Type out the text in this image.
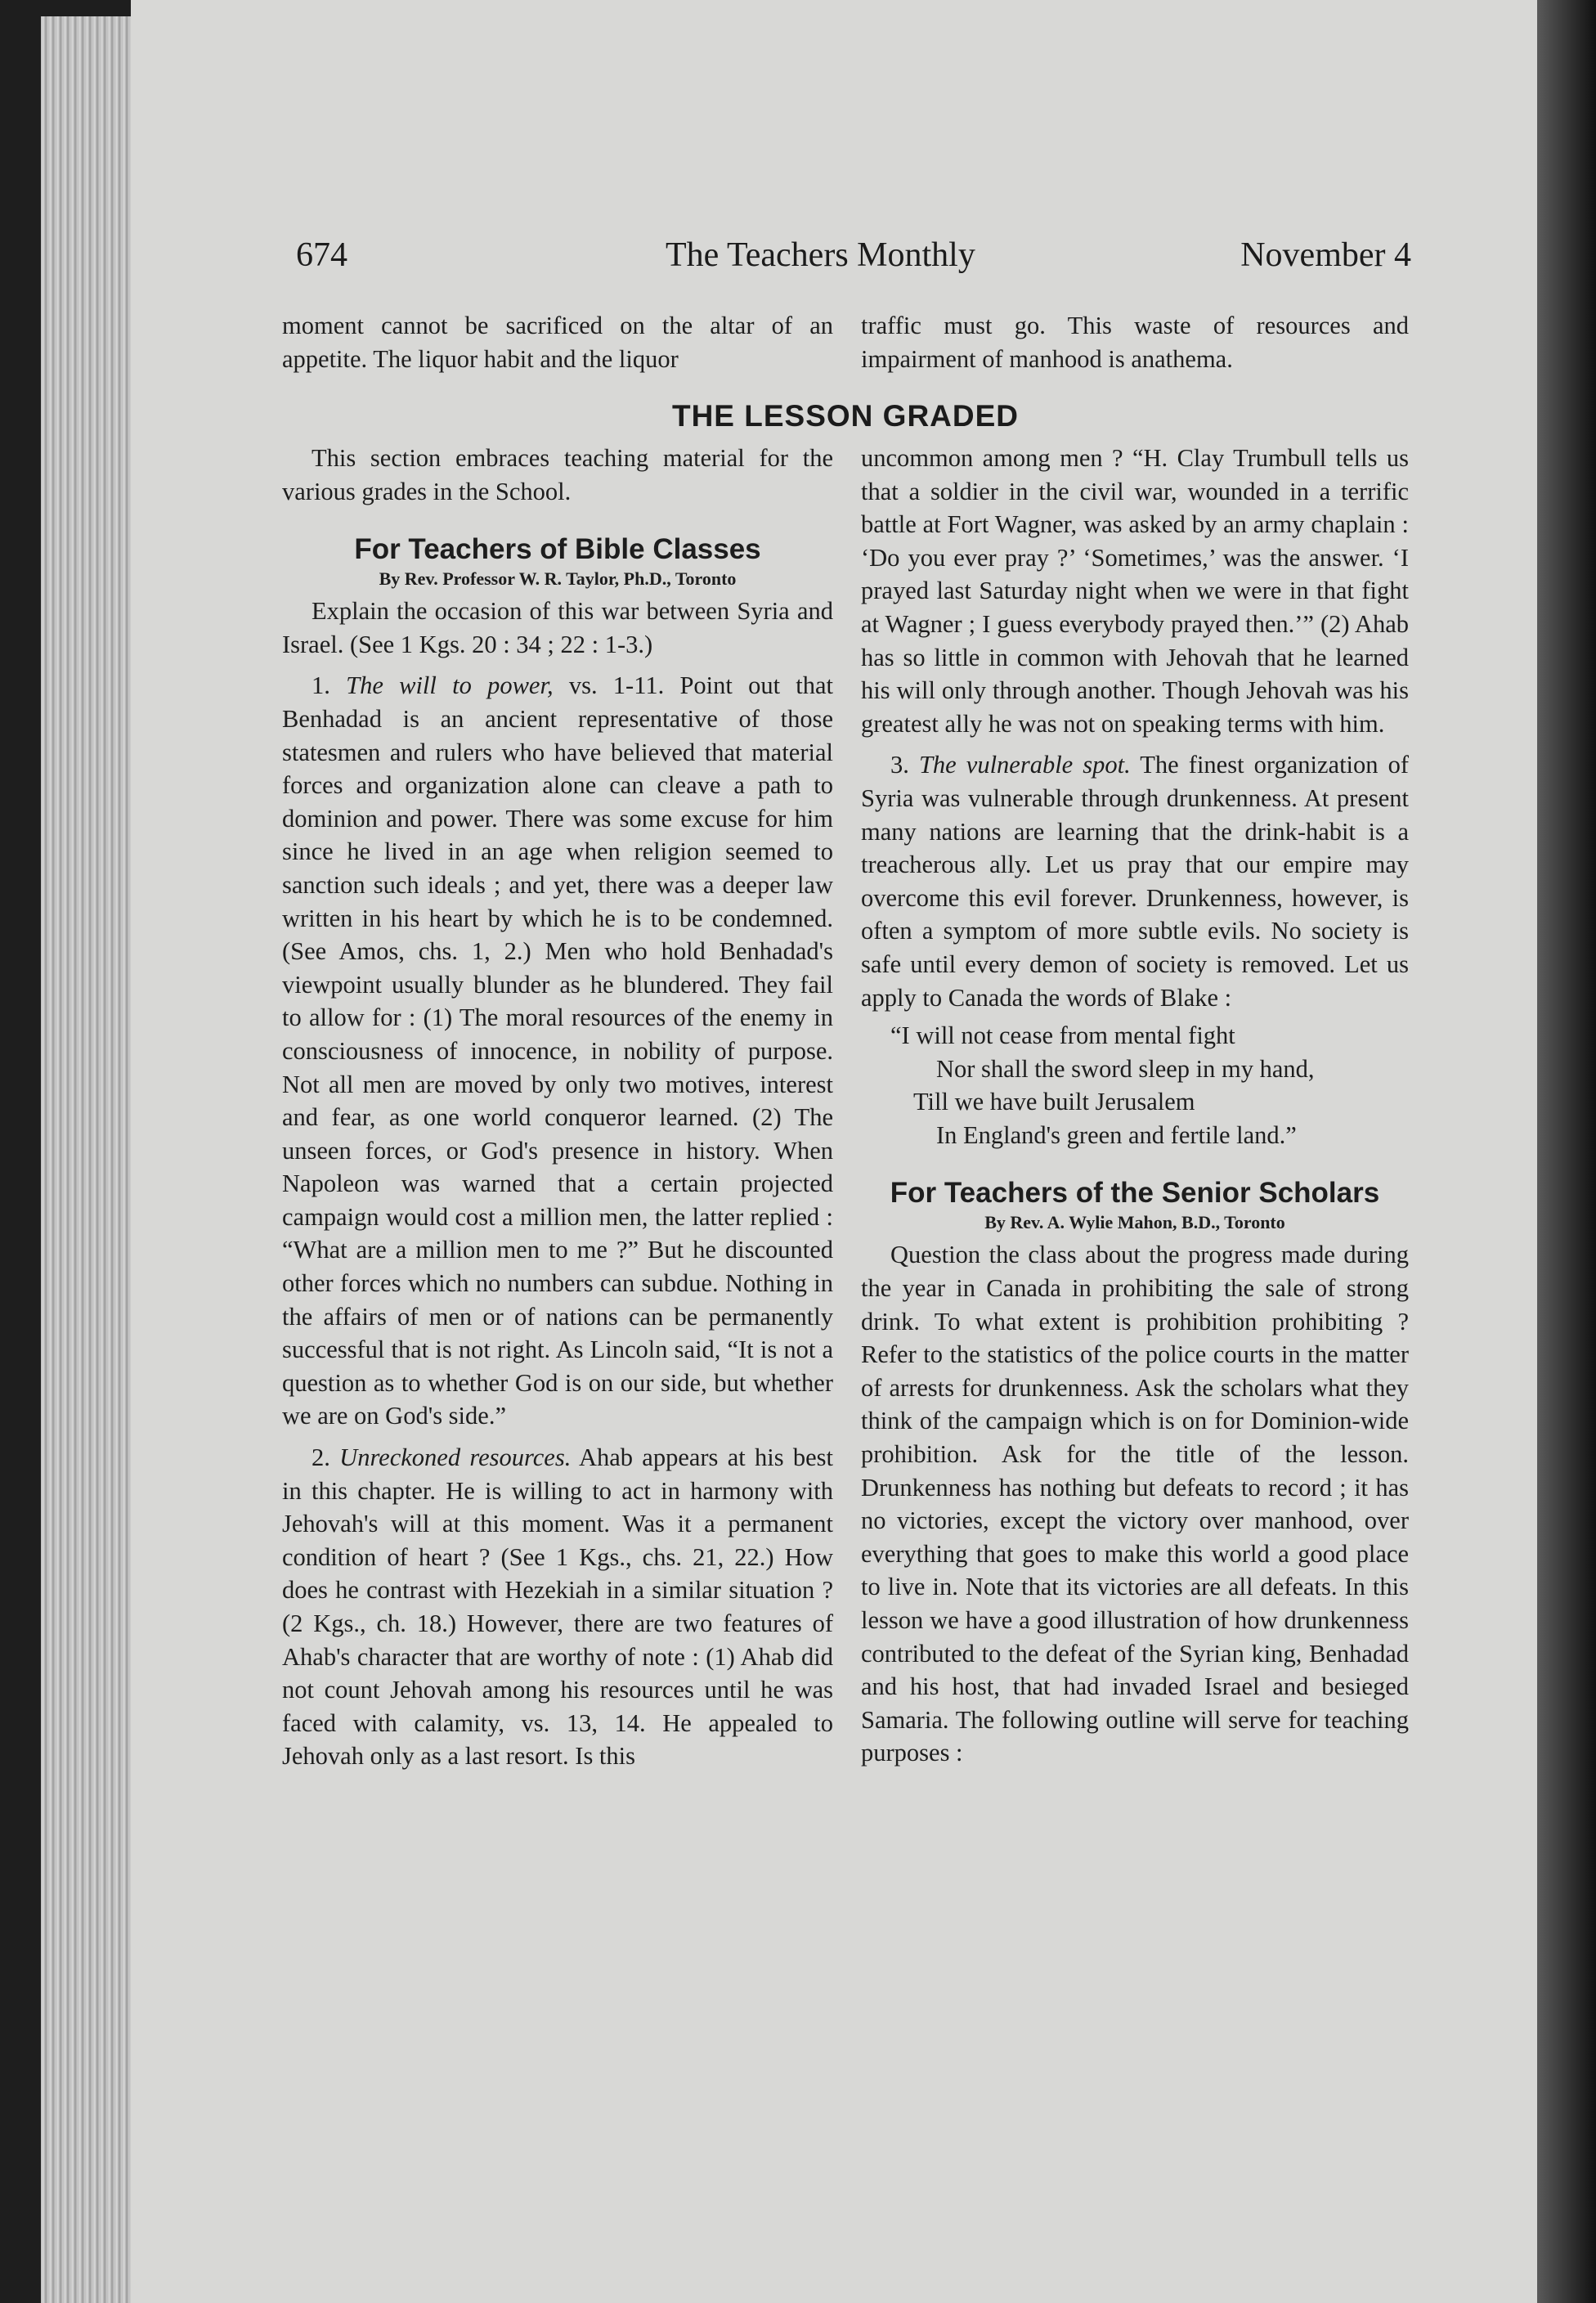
674	The Teachers Monthly	November 4

moment cannot be sacrificed on the altar of an appetite. The liquor habit and the liquor

traffic must go. This waste of resources and impairment of manhood is anathema.

THE LESSON GRADED

This section embraces teaching material for the various grades in the School.

For Teachers of Bible Classes

By Rev. Professor W. R. Taylor, Ph.D., Toronto

Explain the occasion of this war between Syria and Israel. (See 1 Kgs. 20 : 34 ; 22 : 1-3.)

1. The will to power, vs. 1-11. Point out that Benhadad is an ancient representative of those statesmen and rulers who have believed that material forces and organization alone can cleave a path to dominion and power. There was some excuse for him since he lived in an age when religion seemed to sanction such ideals ; and yet, there was a deeper law written in his heart by which he is to be condemned. (See Amos, chs. 1, 2.) Men who hold Benhadad's viewpoint usually blunder as he blundered. They fail to allow for : (1) The moral resources of the enemy in consciousness of innocence, in nobility of purpose. Not all men are moved by only two motives, interest and fear, as one world conqueror learned. (2) The unseen forces, or God's presence in history. When Napoleon was warned that a certain projected campaign would cost a million men, the latter replied : “What are a million men to me ?” But he discounted other forces which no numbers can subdue. Nothing in the affairs of men or of nations can be permanently successful that is not right. As Lincoln said, “It is not a question as to whether God is on our side, but whether we are on God's side.”

2. Unreckoned resources. Ahab appears at his best in this chapter. He is willing to act in harmony with Jehovah's will at this moment. Was it a permanent condition of heart ? (See 1 Kgs., chs. 21, 22.) How does he contrast with Hezekiah in a similar situation ? (2 Kgs., ch. 18.) However, there are two features of Ahab's character that are worthy of note : (1) Ahab did not count Jehovah among his resources until he was faced with calamity, vs. 13, 14. He appealed to Jehovah only as a last resort. Is this

uncommon among men ? “H. Clay Trumbull tells us that a soldier in the civil war, wounded in a terrific battle at Fort Wagner, was asked by an army chaplain : ‘Do you ever pray ?’ ‘Sometimes,’ was the answer. ‘I prayed last Saturday night when we were in that fight at Wagner ; I guess everybody prayed then.’” (2) Ahab has so little in common with Jehovah that he learned his will only through another. Though Jehovah was his greatest ally he was not on speaking terms with him.

3. The vulnerable spot. The finest organization of Syria was vulnerable through drunkenness. At present many nations are learning that the drink-habit is a treacherous ally. Let us pray that our empire may overcome this evil forever. Drunkenness, however, is often a symptom of more subtle evils. No society is safe until every demon of society is removed. Let us apply to Canada the words of Blake :

“I will not cease from mental fight
Nor shall the sword sleep in my hand,
Till we have built Jerusalem
In England's green and fertile land.”

For Teachers of the Senior Scholars

By Rev. A. Wylie Mahon, B.D., Toronto

Question the class about the progress made during the year in Canada in prohibiting the sale of strong drink. To what extent is prohibition prohibiting ? Refer to the statistics of the police courts in the matter of arrests for drunkenness. Ask the scholars what they think of the campaign which is on for Dominion-wide prohibition. Ask for the title of the lesson. Drunkenness has nothing but defeats to record ; it has no victories, except the victory over manhood, over everything that goes to make this world a good place to live in. Note that its victories are all defeats. In this lesson we have a good illustration of how drunkenness contributed to the defeat of the Syrian king, Benhadad and his host, that had invaded Israel and besieged Samaria. The following outline will serve for teaching purposes :
